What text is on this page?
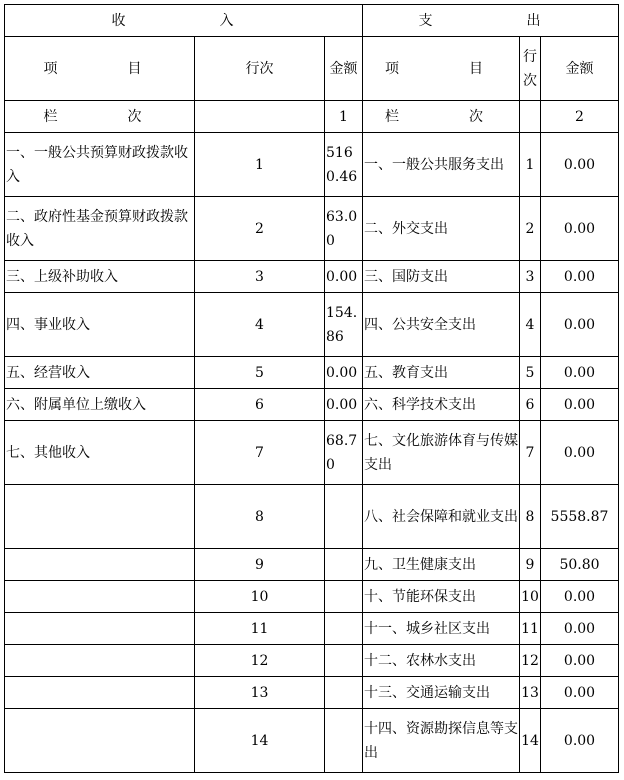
收　　入			支　　出		
项　　目	行次	金额	项　　目	行次	金额
栏　　次		1	栏　　次		2
一、一般公共预算财政拨款收入	1	5160.46	一、一般公共服务支出	1	0.00
二、政府性基金预算财政拨款收入	2	63.00	二、外交支出	2	0.00
三、上级补助收入	3	0.00	三、国防支出	3	0.00
四、事业收入	4	154.86	四、公共安全支出	4	0.00
五、经营收入	5	0.00	五、教育支出	5	0.00
六、附属单位上缴收入	6	0.00	六、科学技术支出	6	0.00
七、其他收入	7	68.70	七、文化旅游体育与传媒支出	7	0.00
	8		八、社会保障和就业支出	8	5558.87
	9		九、卫生健康支出	9	50.80
	10		十、节能环保支出	10	0.00
	11		十一、城乡社区支出	11	0.00
	12		十二、农林水支出	12	0.00
	13		十三、交通运输支出	13	0.00
	14		十四、资源勘探信息等支出	14	0.00
